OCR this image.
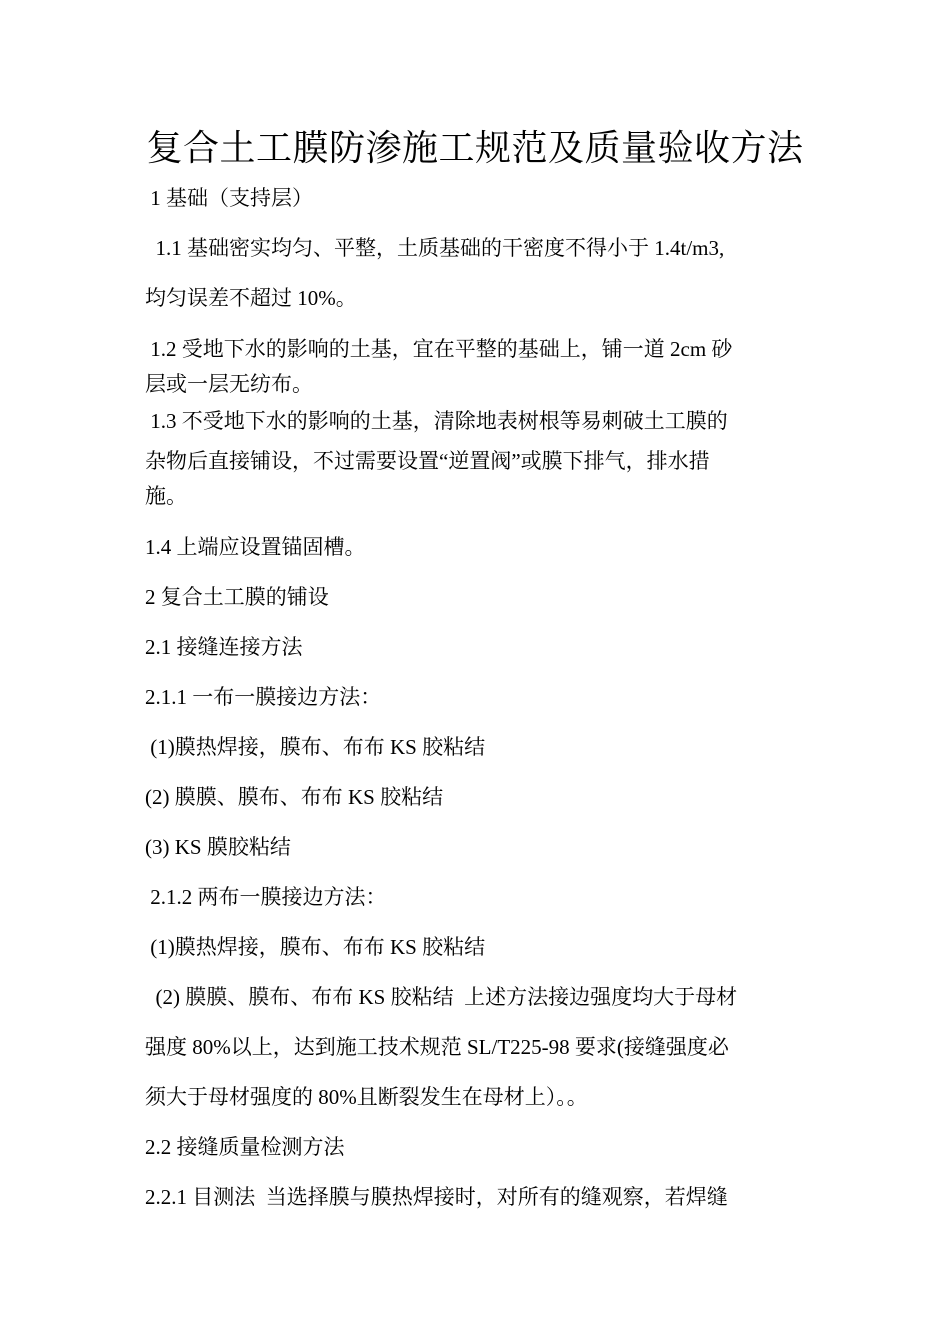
复合土工膜防渗施工规范及质量验收方法
1 基础（支持层）
1.1 基础密实均匀、平整，土质基础的干密度不得小于 1.4t/m3,
均匀误差不超过 10%。
1.2 受地下水的影响的土基，宜在平整的基础上，铺一道 2cm 砂
层或一层无纺布。
1.3 不受地下水的影响的土基，清除地表树根等易刺破土工膜的
杂物后直接铺设，不过需要设置“逆置阀”或膜下排气，排水措
施。
1.4 上端应设置锚固槽。
2 复合土工膜的铺设
2.1 接缝连接方法
2.1.1 一布一膜接边方法：
(1)膜热焊接，膜布、布布 KS 胶粘结
(2) 膜膜、膜布、布布 KS 胶粘结
(3) KS 膜胶粘结
2.1.2 两布一膜接边方法：
(1)膜热焊接，膜布、布布 KS 胶粘结
(2) 膜膜、膜布、布布 KS 胶粘结  上述方法接边强度均大于母材
强度 80%以上，达到施工技术规范 SL/T225-98 要求(接缝强度必
须大于母材强度的 80%且断裂发生在母材上）。。
2.2 接缝质量检测方法
2.2.1 目测法  当选择膜与膜热焊接时，对所有的缝观察，若焊缝
